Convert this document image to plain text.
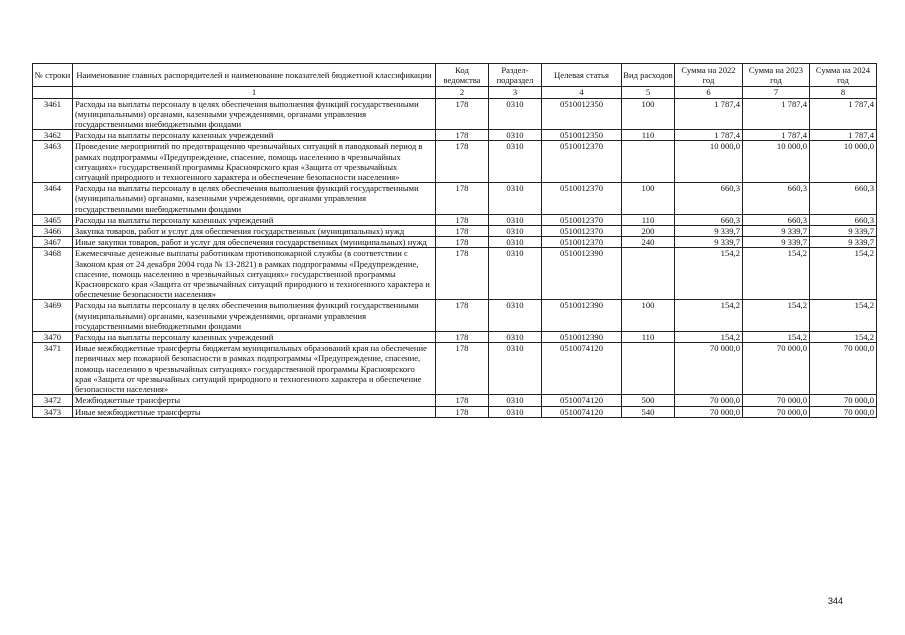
№ строки	Наименование главных распорядителей и наименование показателей бюджетной классификации	Код ведомства	Раздел-подраздел	Целевая статья	Вид расходов	Сумма на 2022 год	Сумма на 2023 год	Сумма на 2024 год
	1	2	3	4	5	6	7	8
3461	Расходы на выплаты персоналу в целях обеспечения выполнения функций государственными (муниципальными) органами, казенными учреждениями, органами управления государственными внебюджетными фондами	178	0310	0510012350	100	1 787,4	1 787,4	1 787,4
3462	Расходы на выплаты персоналу казенных учреждений	178	0310	0510012350	110	1 787,4	1 787,4	1 787,4
3463	Проведение мероприятий по предотвращению чрезвычайных ситуаций в паводковый период в рамках подпрограммы «Предупреждение, спасение, помощь населению в чрезвычайных ситуациях» государственной программы Красноярского края «Защита от чрезвычайных ситуаций природного и техногенного характера и обеспечение безопасности населения»	178	0310	0510012370		10 000,0	10 000,0	10 000,0
3464	Расходы на выплаты персоналу в целях обеспечения выполнения функций государственными (муниципальными) органами, казенными учреждениями, органами управления государственными внебюджетными фондами	178	0310	0510012370	100	660,3	660,3	660,3
3465	Расходы на выплаты персоналу казенных учреждений	178	0310	0510012370	110	660,3	660,3	660,3
3466	Закупка товаров, работ и услуг для обеспечения государственных (муниципальных) нужд	178	0310	0510012370	200	9 339,7	9 339,7	9 339,7
3467	Иные закупки товаров, работ и услуг для обеспечения государственных (муниципальных) нужд	178	0310	0510012370	240	9 339,7	9 339,7	9 339,7
3468	Ежемесячные денежные выплаты работникам противопожарной службы (в соответствии с Законом края от 24 декабря 2004 года № 13-2821) в рамках подпрограммы «Предупреждение, спасение, помощь населению в чрезвычайных ситуациях» государственной программы Красноярского края «Защита от чрезвычайных ситуаций природного и техногенного характера и обеспечение безопасности населения»	178	0310	0510012390		154,2	154,2	154,2
3469	Расходы на выплаты персоналу в целях обеспечения выполнения функций государственными (муниципальными) органами, казенными учреждениями, органами управления государственными внебюджетными фондами	178	0310	0510012390	100	154,2	154,2	154,2
3470	Расходы на выплаты персоналу казенных учреждений	178	0310	0510012390	110	154,2	154,2	154,2
3471	Иные межбюджетные трансферты бюджетам муниципальных образований края на обеспечение первичных мер пожарной безопасности в рамках подпрограммы «Предупреждение, спасение, помощь населению в чрезвычайных ситуациях» государственной программы Красноярского края «Защита от чрезвычайных ситуаций природного и техногенного характера и обеспечение безопасности населения»	178	0310	0510074120		70 000,0	70 000,0	70 000,0
3472	Межбюджетные трансферты	178	0310	0510074120	500	70 000,0	70 000,0	70 000,0
3473	Иные межбюджетные трансферты	178	0310	0510074120	540	70 000,0	70 000,0	70 000,0
344
